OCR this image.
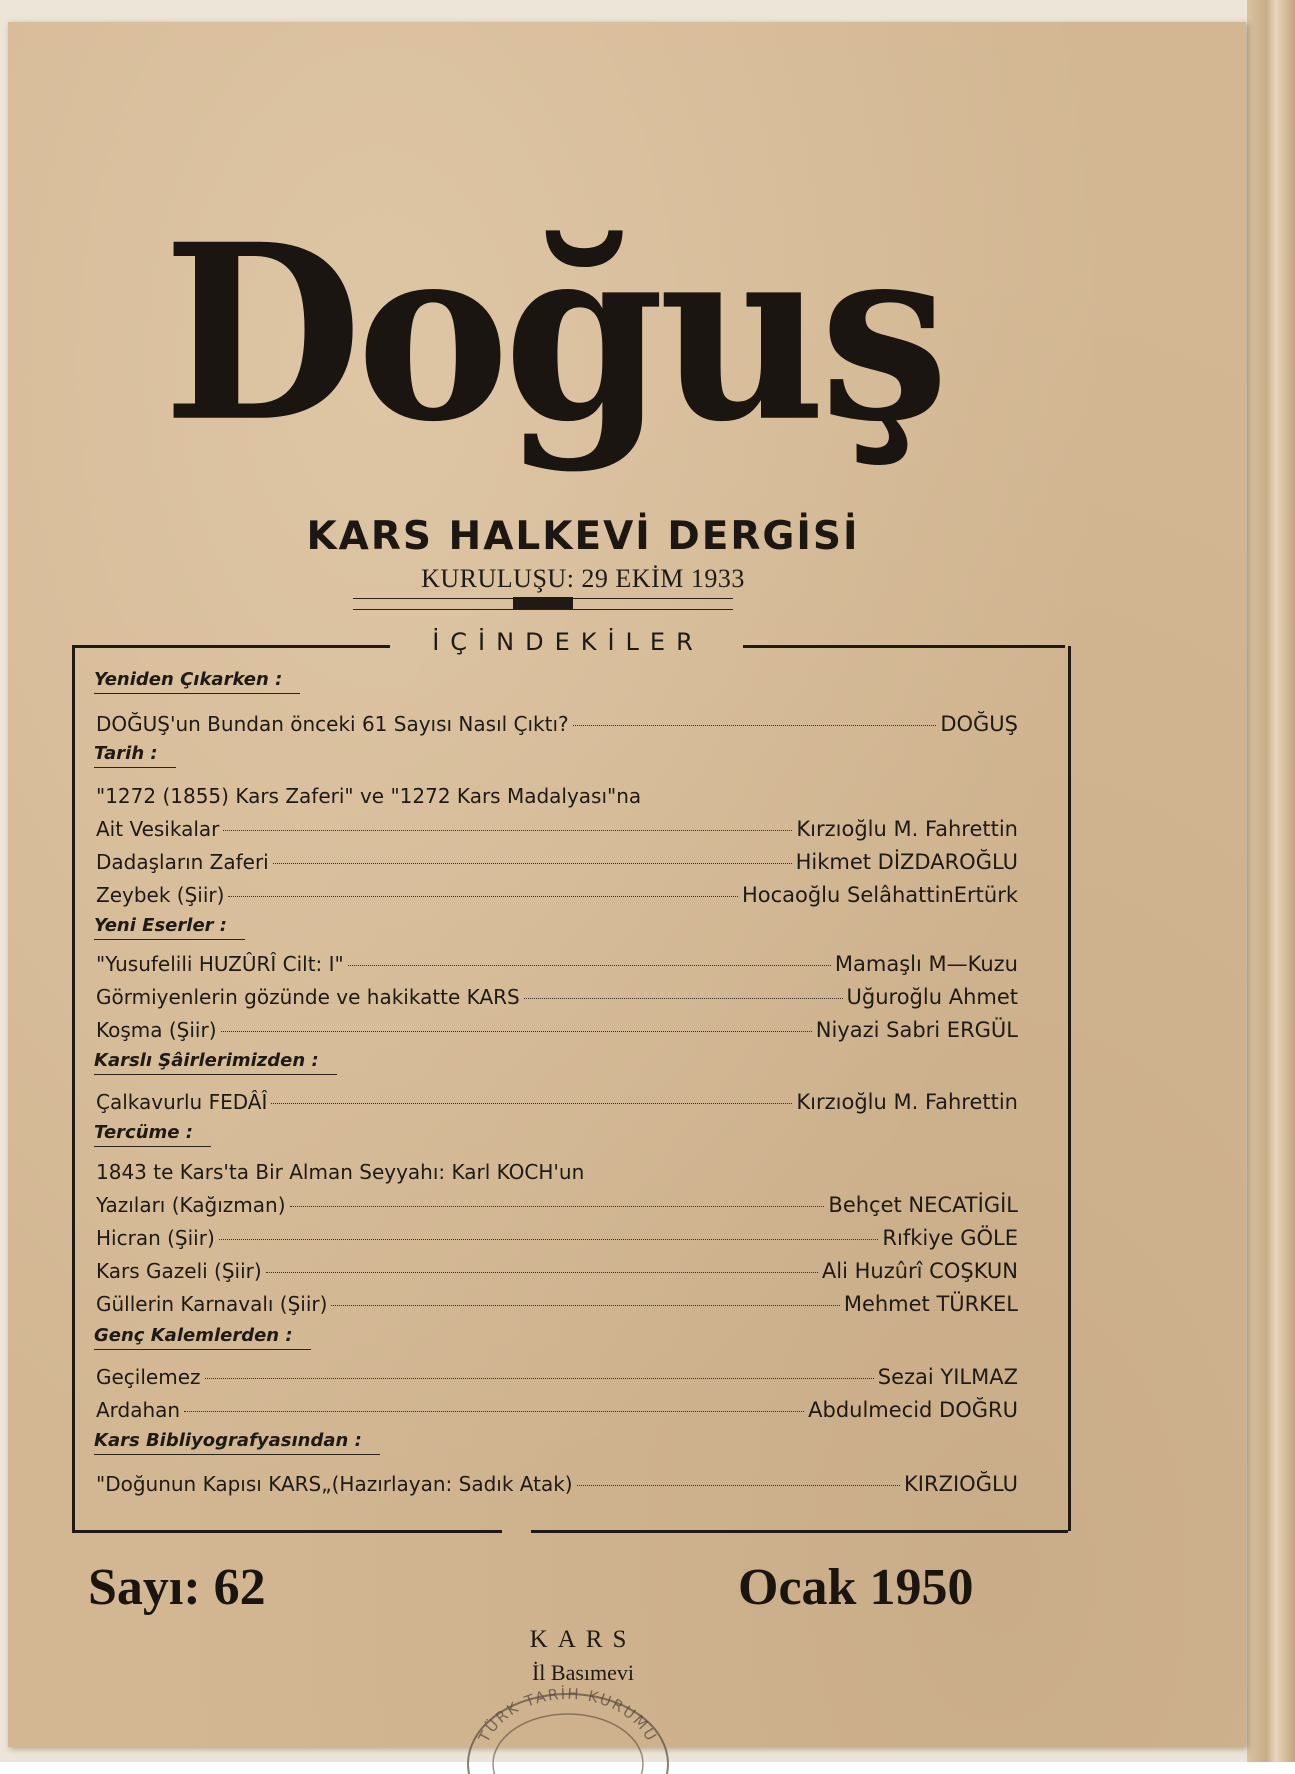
Doğuş
KARS HALKEVİ DERGİSİ
KURULUŞU: 29 EKİM 1933
İÇİNDEKİLER
Yeniden Çıkarken :
DOĞUŞ'un Bundan önceki 61 Sayısı Nasıl Çıktı?	DOĞUŞ
Tarih :
"1272 (1855) Kars Zaferi" ve "1272 Kars Madalyası"na
Ait Vesikalar	Kırzıoğlu M. Fahrettin
Dadaşların Zaferi	Hikmet DİZDAROĞLU
Zeybek (Şiir)	Hocaoğlu SelâhattinErtürk
Yeni Eserler :
"Yusufelili HUZÛRÎ Cilt: I"	Mamaşlı M—Kuzu
Görmiyenlerin gözünde ve hakikatte KARS	Uğuroğlu Ahmet
Koşma (Şiir)	Niyazi Sabri ERGÜL
Karslı Şâirlerimizden :
Çalkavurlu FEDÂÎ	Kırzıoğlu M. Fahrettin
Tercüme :
1843 te Kars'ta Bir Alman Seyyahı: Karl KOCH'un
Yazıları (Kağızman)	Behçet NECATİGİL
Hicran (Şiir)	Rıfkiye GÖLE
Kars Gazeli (Şiir)	Ali Huzûrî COŞKUN
Güllerin Karnavalı (Şiir)	Mehmet TÜRKEL
Genç Kalemlerden :
Geçilemez	Sezai YILMAZ
Ardahan	Abdulmecid DOĞRU
Kars Bibliyografyasından :
"Doğunun Kapısı KARS„(Hazırlayan: Sadık Atak)	KIRZIOĞLU
Sayı: 62	Ocak 1950
KARS
İl Basımevi
TÜRK TARİH KURUMU
